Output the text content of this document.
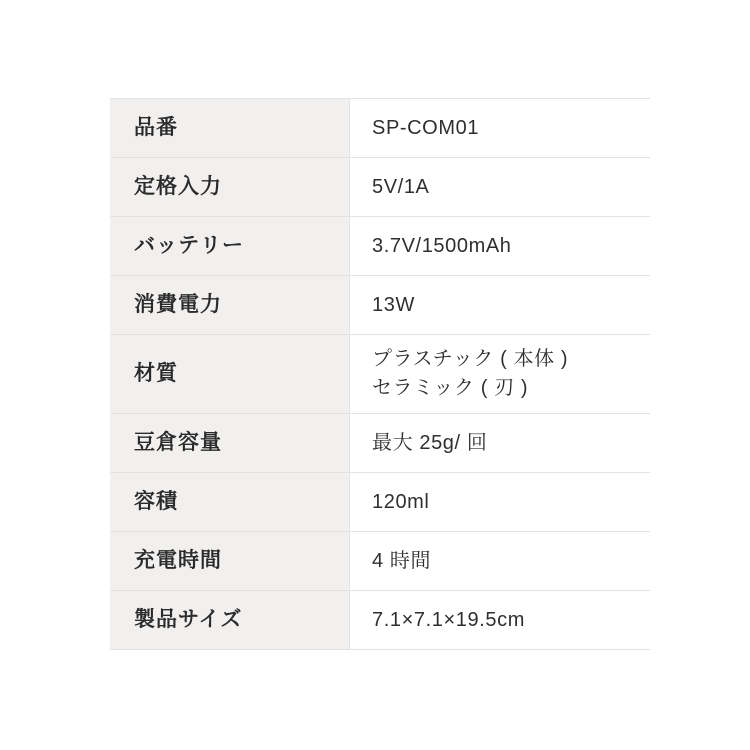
品番	SP-COM01
定格入力	5V/1A
バッテリー	3.7V/1500mAh
消費電力	13W
材質	プラスチック ( 本体 )
セラミック ( 刃 )

豆倉容量	最大 25g/ 回
容積	120ml
充電時間	4 時間
製品サイズ	7.1×7.1×19.5cm
